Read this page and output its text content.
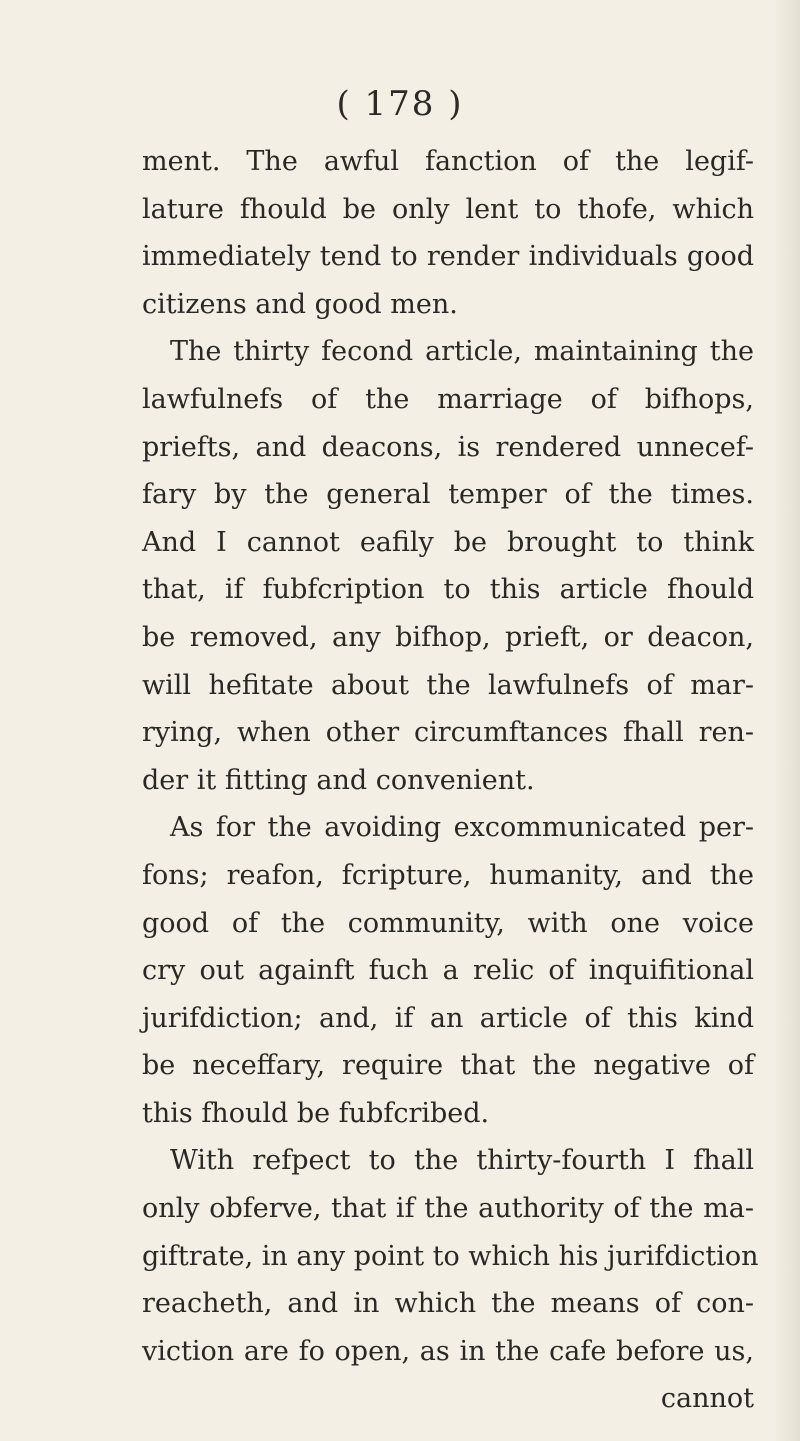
( 178 )
ment. The awful fanction of the legif-
lature fhould be only lent to thofe, which
immediately tend to render individuals good
citizens and good men.
The thirty fecond article, maintaining the
lawfulnefs of the marriage of bifhops,
priefts, and deacons, is rendered unnecef-
fary by the general temper of the times.
And I cannot eafily be brought to think
that, if fubfcription to this article fhould
be removed, any bifhop, prieft, or deacon,
will hefitate about the lawfulnefs of mar-
rying, when other circumftances fhall ren-
der it fitting and convenient.
As for the avoiding excommunicated per-
fons; reafon, fcripture, humanity, and the
good of the community, with one voice
cry out againft fuch a relic of inquifitional
jurifdiction; and, if an article of this kind
be neceffary, require that the negative of
this fhould be fubfcribed.
With refpect to the thirty-fourth I fhall
only obferve, that if the authority of the ma-
giftrate, in any point to which his jurifdiction
reacheth, and in which the means of con-
viction are fo open, as in the cafe before us,
cannot
